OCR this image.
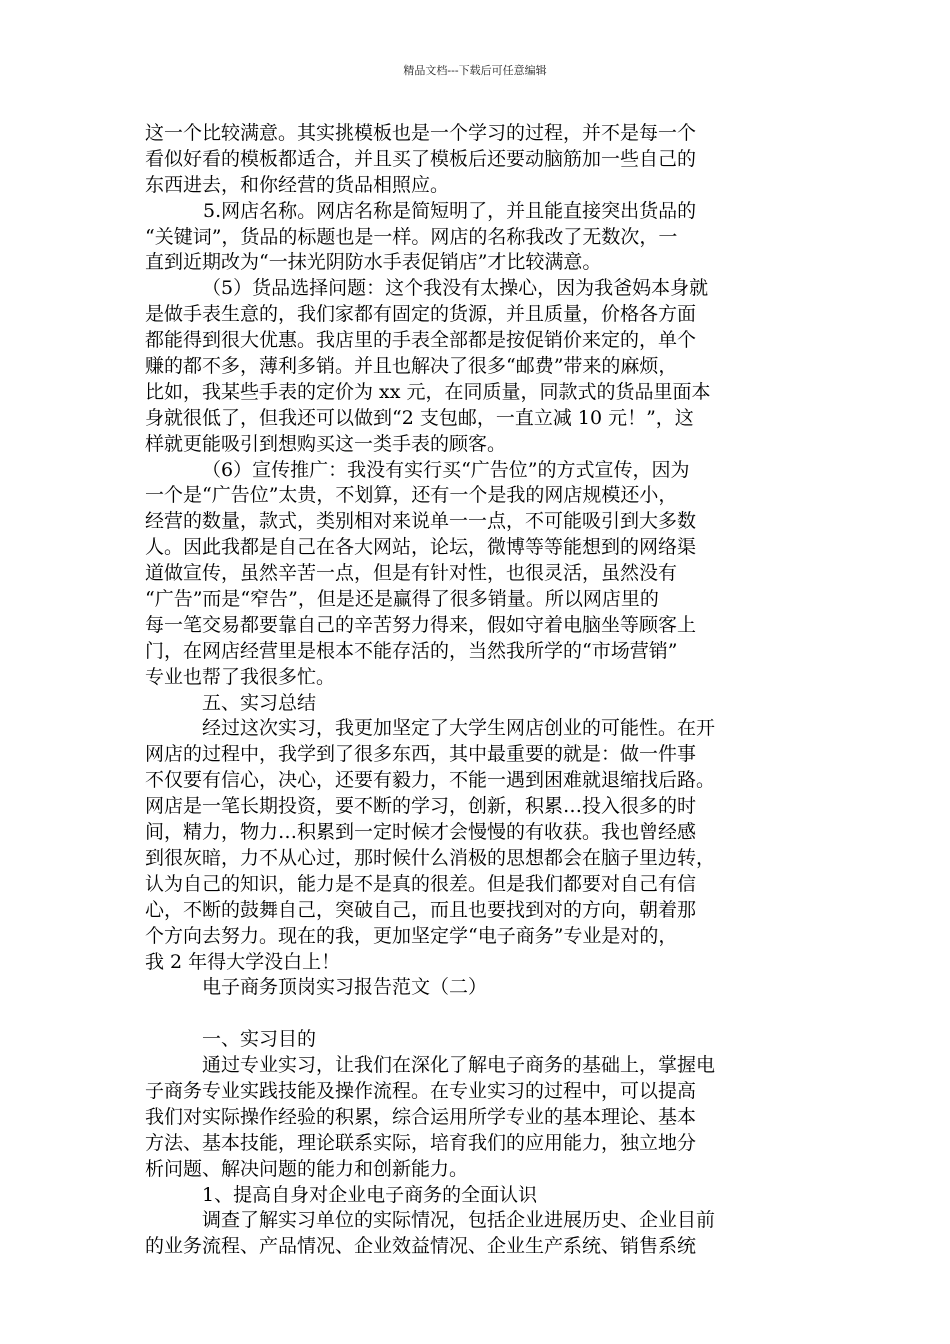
精品文档---下载后可任意编辑
这一个比较满意。其实挑模板也是一个学习的过程，并不是每一个
看似好看的模板都适合，并且买了模板后还要动脑筋加一些自己的
东西进去，和你经营的货品相照应。
5.网店名称。网店名称是简短明了，并且能直接突出货品的
“关键词”，货品的标题也是一样。网店的名称我改了无数次，一
直到近期改为“一抹光阴防水手表促销店”才比较满意。
（5）货品选择问题：这个我没有太操心，因为我爸妈本身就
是做手表生意的，我们家都有固定的货源，并且质量，价格各方面
都能得到很大优惠。我店里的手表全部都是按促销价来定的，单个
赚的都不多，薄利多销。并且也解决了很多“邮费”带来的麻烦，
比如，我某些手表的定价为 xx 元，在同质量，同款式的货品里面本
身就很低了，但我还可以做到“2 支包邮，一直立减 10 元！”，这
样就更能吸引到想购买这一类手表的顾客。
（6）宣传推广：我没有实行买“广告位”的方式宣传，因为
一个是“广告位”太贵，不划算，还有一个是我的网店规模还小，
经营的数量，款式，类别相对来说单一一点，不可能吸引到大多数
人。因此我都是自己在各大网站，论坛，微博等等能想到的网络渠
道做宣传，虽然辛苦一点，但是有针对性，也很灵活，虽然没有
“广告”而是“窄告”，但是还是赢得了很多销量。所以网店里的
每一笔交易都要靠自己的辛苦努力得来，假如守着电脑坐等顾客上
门，在网店经营里是根本不能存活的，当然我所学的“市场营销”
专业也帮了我很多忙。
五、实习总结
经过这次实习，我更加坚定了大学生网店创业的可能性。在开
网店的过程中，我学到了很多东西，其中最重要的就是：做一件事
不仅要有信心，决心，还要有毅力，不能一遇到困难就退缩找后路。
网店是一笔长期投资，要不断的学习，创新，积累…投入很多的时
间，精力，物力…积累到一定时候才会慢慢的有收获。我也曾经感
到很灰暗，力不从心过，那时候什么消极的思想都会在脑子里边转，
认为自己的知识，能力是不是真的很差。但是我们都要对自己有信
心，不断的鼓舞自己，突破自己，而且也要找到对的方向，朝着那
个方向去努力。现在的我，更加坚定学“电子商务”专业是对的，
我 2 年得大学没白上！
电子商务顶岗实习报告范文（二）
一、实习目的
通过专业实习，让我们在深化了解电子商务的基础上，掌握电
子商务专业实践技能及操作流程。在专业实习的过程中，可以提高
我们对实际操作经验的积累，综合运用所学专业的基本理论、基本
方法、基本技能，理论联系实际，培育我们的应用能力，独立地分
析问题、解决问题的能力和创新能力。
1、提高自身对企业电子商务的全面认识
调查了解实习单位的实际情况，包括企业进展历史、企业目前
的业务流程、产品情况、企业效益情况、企业生产系统、销售系统
